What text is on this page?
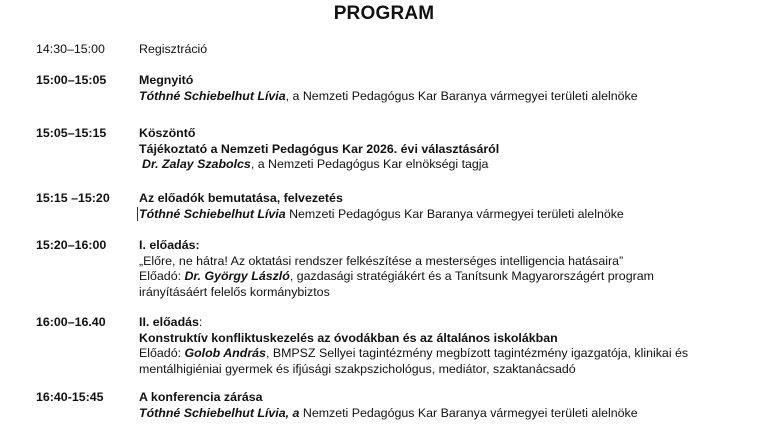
PROGRAM
14:30–15:00	Regisztráció
15:00–15:05	Megnyitó
Tóthné Schiebelhut Lívia, a Nemzeti Pedagógus Kar Baranya vármegyei területi alelnöke
15:05–15:15	Köszöntő
Tájékoztató a Nemzeti Pedagógus Kar 2026. évi választásáról
Dr. Zalay Szabolcs, a Nemzeti Pedagógus Kar elnökségi tagja
15:15 –15:20 Az előadók bemutatása, felvezetés
Tóthné Schiebelhut Lívia Nemzeti Pedagógus Kar Baranya vármegyei területi alelnöke
15:20–16:00	I. előadás:
„Előre, ne hátra! Az oktatási rendszer felkészítése a mesterséges intelligencia hatásaira”
Előadó: Dr. György László, gazdasági stratégiákért és a Tanítsunk Magyarországért program irányításáért felelős kormánybiztos
16:00–16.40	II. előadás:
Konstruktív konfliktuskezelés az óvodákban és az általános iskolákban
Előadó: Golob András, BMPSZ Sellyei tagintézmény megbízott tagintézmény igazgatója, klinikai és mentálhigiéniai gyermek és ifjúsági szakpszichológus, mediátor, szaktanácsadó
16:40-15:45	A konferencia zárása
Tóthné Schiebelhut Lívia, a Nemzeti Pedagógus Kar Baranya vármegyei területi alelnöke
